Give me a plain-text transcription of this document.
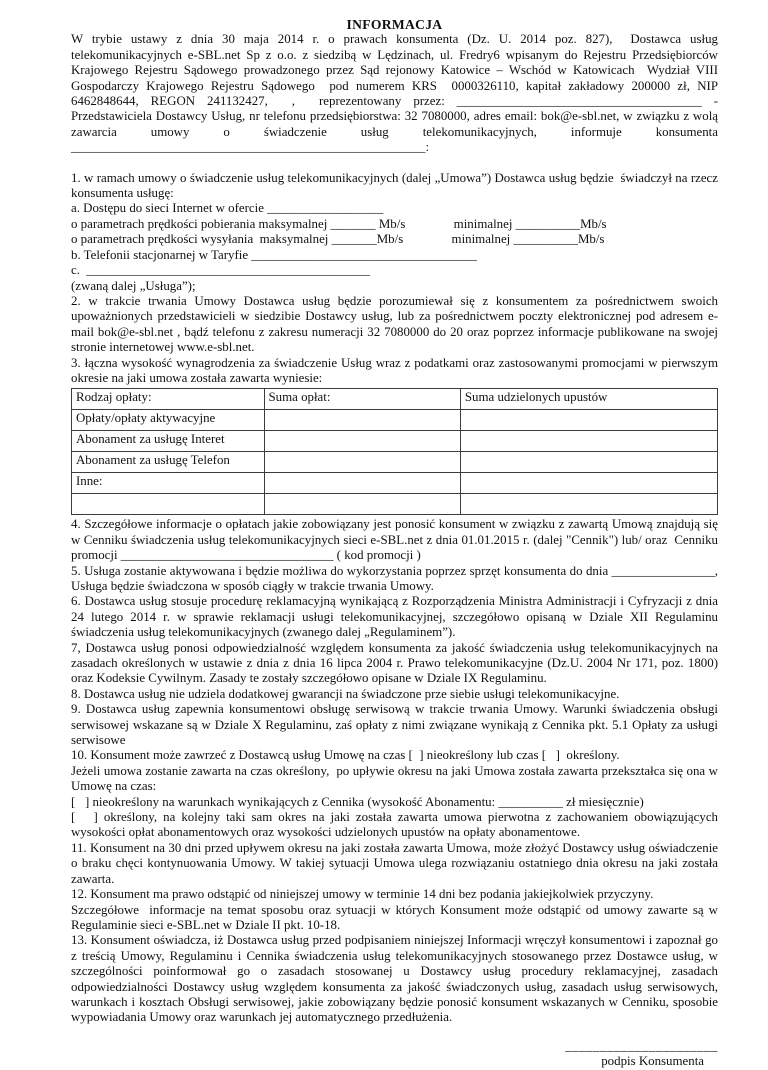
INFORMACJA

W trybie ustawy z dnia 30 maja 2014 r. o prawach konsumenta (Dz. U. 2014 poz. 827),  Dostawca usług telekomunikacyjnych e-SBL.net Sp z o.o. z siedzibą w Lędzinach, ul. Fredry6 wpisanym do Rejestru Przedsiębiorców Krajowego Rejestru Sądowego prowadzonego przez Sąd rejonowy Katowice – Wschód w Katowicach  Wydział VIII Gospodarczy Krajowego Rejestru Sądowego  pod numerem KRS  0000326110, kapitał zakładowy 200000 zł, NIP 6462848644, REGON 241132427,  ,  reprezentowany przez: ______________________________________ - Przedstawiciela Dostawcy Usług, nr telefonu przedsiębiorstwa: 32 7080000, adres email: bok@e-sbl.net, w związku z wolą zawarcia umowy o świadczenie usług telekomunikacyjnych, informuje konsumenta _______________________________________________________:

1. w ramach umowy o świadczenie usług telekomunikacyjnych (dalej „Umowa”) Dostawca usług będzie  świadczył na rzecz konsumenta usługę:

a. Dostępu do sieci Internet w ofercie __________________

o parametrach prędkości pobierania maksymalnej _______ Mb/s               minimalnej __________Mb/s

o parametrach prędkości wysyłania  maksymalnej _______Mb/s               minimalnej __________Mb/s

b. Telefonii stacjonarnej w Taryfie ___________________________________

c.  ____________________________________________

(zwaną dalej „Usługa”);

2. w trakcie trwania Umowy Dostawca usług będzie porozumiewał się z konsumentem za pośrednictwem swoich upoważnionych przedstawicieli w siedzibie Dostawcy usług, lub za pośrednictwem poczty elektronicznej pod adresem e-mail bok@e-sbl.net , bądź telefonu z zakresu numeracji 32 7080000 do 20 oraz poprzez informacje publikowane na swojej stronie internetowej www.e-sbl.net.

3. łączna wysokość wynagrodzenia za świadczenie Usług wraz z podatkami oraz zastosowanymi promocjami w pierwszym okresie na jaki umowa została zawarta wyniesie:

Rodzaj opłaty:	Suma opłat:	Suma udzielonych upustów
Opłaty/opłaty aktywacyjne		
Abonament za usługę Interet		
Abonament za usługę Telefon		
Inne:		

4. Szczegółowe informacje o opłatach jakie zobowiązany jest ponosić konsument w związku z zawartą Umową znajdują się w Cenniku świadczenia usług telekomunikacyjnych sieci e-SBL.net z dnia 01.01.2015 r. (dalej "Cennik") lub/ oraz  Cenniku promocji _________________________________ ( kod promocji )

5. Usługa zostanie aktywowana i będzie możliwa do wykorzystania poprzez sprzęt konsumenta do dnia ________________, Usługa będzie świadczona w sposób ciągły w trakcie trwania Umowy.

6. Dostawca usług stosuje procedurę reklamacyjną wynikającą z Rozporządzenia Ministra Administracji i Cyfryzacji z dnia 24 lutego 2014 r. w sprawie reklamacji usługi telekomunikacyjnej, szczegółowo opisaną w Dziale XII Regulaminu świadczenia usług telekomunikacyjnych (zwanego dalej „Regulaminem”).

7, Dostawca usług ponosi odpowiedzialność względem konsumenta za jakość świadczenia usług telekomunikacyjnych na zasadach określonych w ustawie z dnia z dnia 16 lipca 2004 r. Prawo telekomunikacyjne (Dz.U. 2004 Nr 171, poz. 1800) oraz Kodeksie Cywilnym. Zasady te zostały szczegółowo opisane w Dziale IX Regulaminu.

8. Dostawca usług nie udziela dodatkowej gwarancji na świadczone prze siebie usługi telekomunikacyjne.

9. Dostawca usług zapewnia konsumentowi obsługę serwisową w trakcie trwania Umowy. Warunki świadczenia obsługi serwisowej wskazane są w Dziale X Regulaminu, zaś opłaty z nimi związane wynikają z Cennika pkt. 5.1 Opłaty za usługi serwisowe

10. Konsument może zawrzeć z Dostawcą usług Umowę na czas [  ] nieokreślony lub czas [   ]  określony.

Jeżeli umowa zostanie zawarta na czas określony,  po upływie okresu na jaki Umowa została zawarta przekształca się ona w Umowę na czas:

[   ] nieokreślony na warunkach wynikających z Cennika (wysokość Abonamentu: __________ zł miesięcznie)

[   ] określony, na kolejny taki sam okres na jaki została zawarta umowa pierwotna z zachowaniem obowiązujących wysokości opłat abonamentowych oraz wysokości udzielonych upustów na opłaty abonamentowe.

11. Konsument na 30 dni przed upływem okresu na jaki została zawarta Umowa, może złożyć Dostawcy usług oświadczenie o braku chęci kontynuowania Umowy. W takiej sytuacji Umowa ulega rozwiązaniu ostatniego dnia okresu na jaki została zawarta.

12. Konsument ma prawo odstąpić od niniejszej umowy w terminie 14 dni bez podania jakiejkolwiek przyczyny.

Szczegółowe  informacje na temat sposobu oraz sytuacji w których Konsument może odstąpić od umowy zawarte są w Regulaminie sieci e-SBL.net w Dziale II pkt. 10-18.

13. Konsument oświadcza, iż Dostawca usług przed podpisaniem niniejszej Informacji wręczył konsumentowi i zapoznał go z treścią Umowy, Regulaminu i Cennika świadczenia usług telekomunikacyjnych stosowanego przez Dostawce usług, w szczególności poinformował go o zasadach stosowanej u Dostawcy usług procedury reklamacyjnej, zasadach odpowiedzialności Dostawcy usług względem konsumenta za jakość świadczonych usług, zasadach usług serwisowych, warunkach i kosztach Obsługi serwisowej, jakie zobowiązany będzie ponosić konsument wskazanych w Cenniku, sposobie wypowiadania Umowy oraz warunkach jej automatycznego przedłużenia.

______________________
podpis Konsumenta
